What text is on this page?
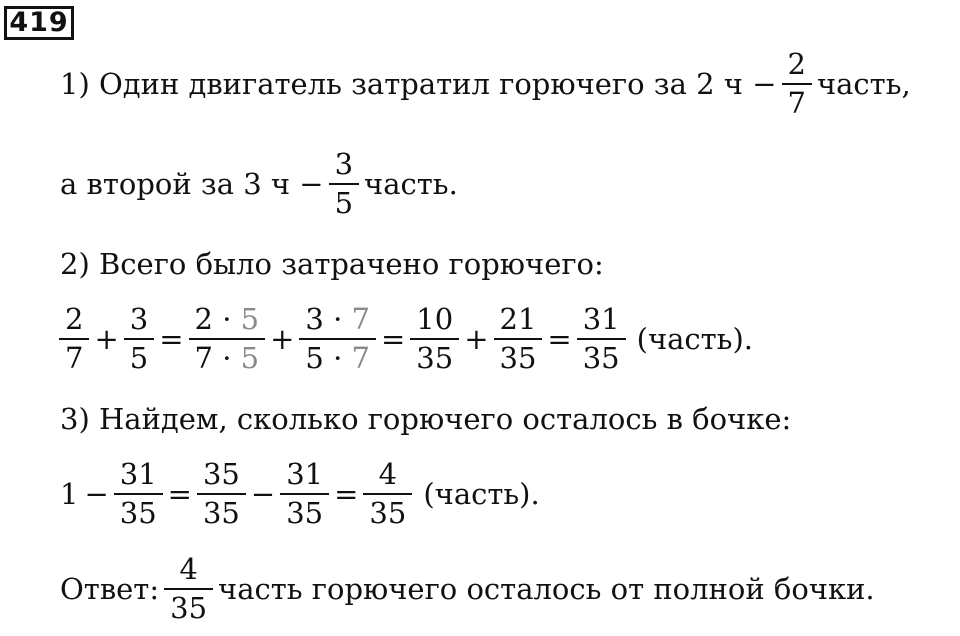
419
1) Один двигатель затратил горючего за 2 $ч - \frac{2}{7}$ часть,
а второй за 3 $ч - \frac{3}{5}$ часть.
2) Всего было затрачено горючего:
$\frac{2}{7} + \frac{3}{5} = \frac{2 \cdot 5}{7 \cdot 5} + \frac{3 \cdot 7}{5 \cdot 7} = \frac{10}{35} + \frac{21}{35} = \frac{31}{35}$ (часть).
3) Найдем, сколько горючего осталось в бочке:
$1 - \frac{31}{35} = \frac{35}{35} - \frac{31}{35} = \frac{4}{35}$ (часть).
Ответ: $\frac{4}{35}$ часть горючего осталось от полной бочки.
